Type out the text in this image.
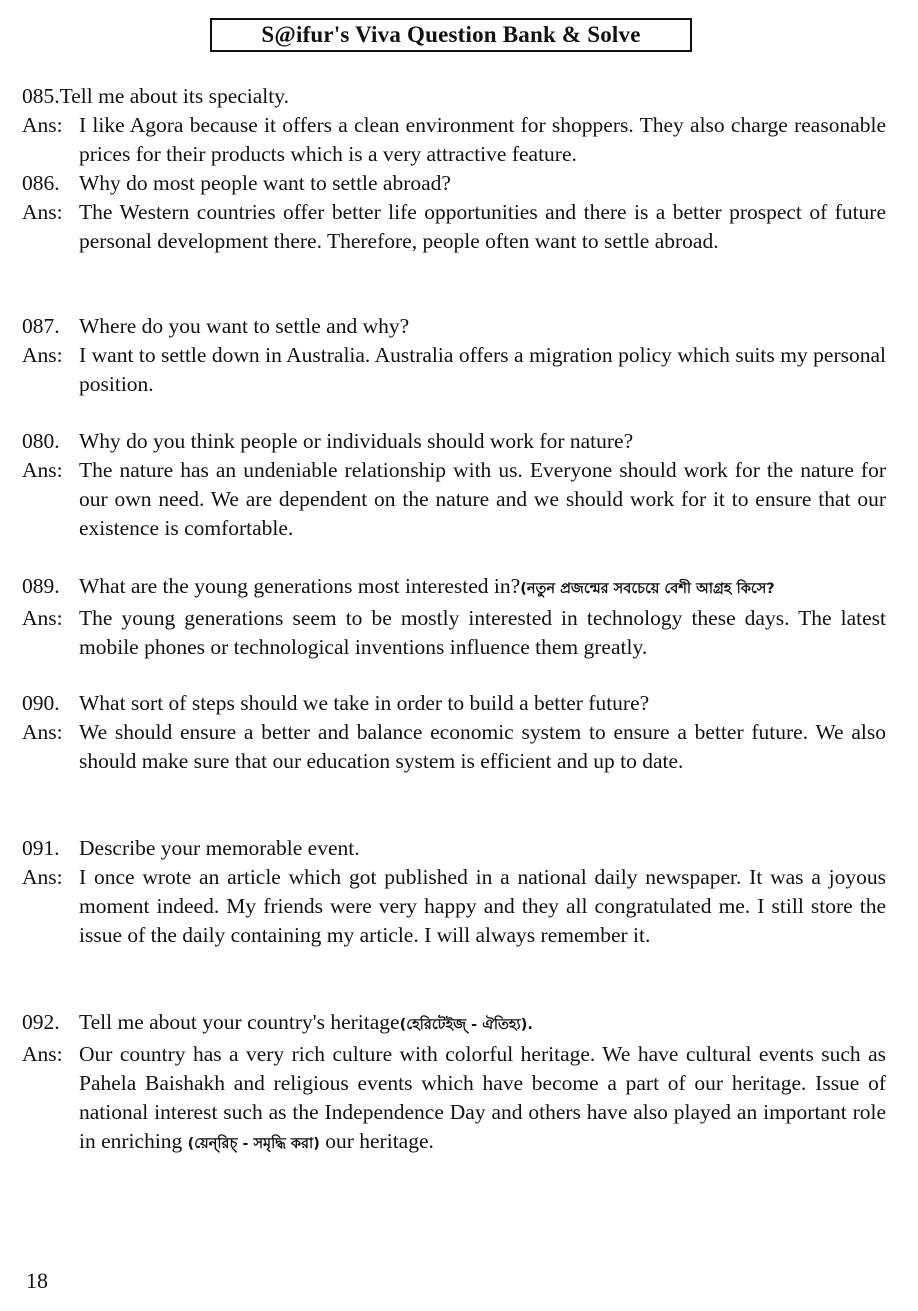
S@ifur's Viva Question Bank & Solve
085. Tell me about its specialty.
Ans: I like Agora because it offers a clean environment for shoppers. They also charge reasonable prices for their products which is a very attractive feature.
086. Why do most people want to settle abroad?
Ans: The Western countries offer better life opportunities and there is a better prospect of future personal development there. Therefore, people often want to settle abroad.
087. Where do you want to settle and why?
Ans: I want to settle down in Australia. Australia offers a migration policy which suits my personal position.
080. Why do you think people or individuals should work for nature?
Ans: The nature has an undeniable relationship with us. Everyone should work for the nature for our own need. We are dependent on the nature and we should work for it to ensure that our existence is comfortable.
089. What are the young generations most interested in?(নতুন প্রজন্মের সবচেয়ে বেশী আগ্রহ কিসে?
Ans: The young generations seem to be mostly interested in technology these days. The latest mobile phones or technological inventions influence them greatly.
090. What sort of steps should we take in order to build a better future?
Ans: We should ensure a better and balance economic system to ensure a better future. We also should make sure that our education system is efficient and up to date.
091. Describe your memorable event.
Ans: I once wrote an article which got published in a national daily newspaper. It was a joyous moment indeed. My friends were very happy and they all congratulated me. I still store the issue of the daily containing my article. I will always remember it.
092. Tell me about your country's heritage(হেরিটেইজ্ - ঐতিহ্য).
Ans: Our country has a very rich culture with colorful heritage. We have cultural events such as Pahela Baishakh and religious events which have become a part of our heritage. Issue of national interest such as the Independence Day and others have also played an important role in enriching (য়েন্‌রিচ্ - সমৃদ্ধি করা) our heritage.
18
